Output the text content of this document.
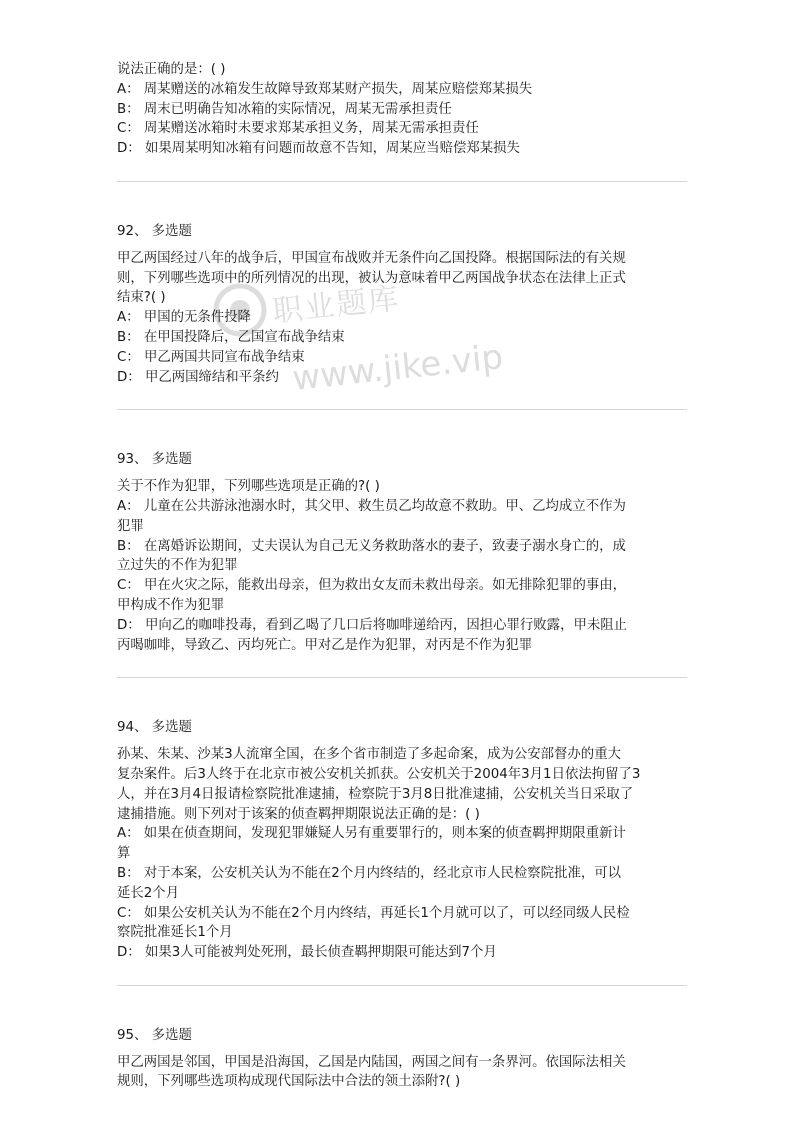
职业题库
www.jike.vip

说法正确的是：( )

A： 周某赠送的冰箱发生故障导致郑某财产损失，周某应赔偿郑某损失

B： 周末已明确告知冰箱的实际情况，周某无需承担责任

C： 周某赠送冰箱时未要求郑某承担义务，周某无需承担责任

D： 如果周某明知冰箱有问题而故意不告知，周某应当赔偿郑某损失

92、 多选题

甲乙两国经过八年的战争后，甲国宣布战败并无条件向乙国投降。根据国际法的有关规

则，下列哪些选项中的所列情况的出现，被认为意味着甲乙两国战争状态在法律上正式

结束?( )

A： 甲国的无条件投降

B： 在甲国投降后，乙国宣布战争结束

C： 甲乙两国共同宣布战争结束

D： 甲乙两国缔结和平条约

93、 多选题

关于不作为犯罪，下列哪些选项是正确的?( )

A： 儿童在公共游泳池溺水时，其父甲、救生员乙均故意不救助。甲、乙均成立不作为

犯罪

B： 在离婚诉讼期间，丈夫误认为自己无义务救助落水的妻子，致妻子溺水身亡的，成

立过失的不作为犯罪

C： 甲在火灾之际，能救出母亲，但为救出女友而未救出母亲。如无排除犯罪的事由，

甲构成不作为犯罪

D： 甲向乙的咖啡投毒，看到乙喝了几口后将咖啡递给丙，因担心罪行败露，甲未阻止

丙喝咖啡，导致乙、丙均死亡。甲对乙是作为犯罪，对丙是不作为犯罪

94、 多选题

孙某、朱某、沙某3人流窜全国，在多个省市制造了多起命案，成为公安部督办的重大

复杂案件。后3人终于在北京市被公安机关抓获。公安机关于2004年3月1日依法拘留了3

人，并在3月4日报请检察院批准逮捕，检察院于3月8日批准逮捕，公安机关当日采取了

逮捕措施。则下列对于该案的侦查羁押期限说法正确的是：( )

A： 如果在侦查期间，发现犯罪嫌疑人另有重要罪行的，则本案的侦查羁押期限重新计

算

B： 对于本案，公安机关认为不能在2个月内终结的，经北京市人民检察院批准，可以

延长2个月

C： 如果公安机关认为不能在2个月内终结，再延长1个月就可以了，可以经同级人民检

察院批准延长1个月

D： 如果3人可能被判处死刑，最长侦查羁押期限可能达到7个月

95、 多选题

甲乙两国是邻国，甲国是沿海国，乙国是内陆国，两国之间有一条界河。依国际法相关

规则，下列哪些选项构成现代国际法中合法的领土添附?( )
